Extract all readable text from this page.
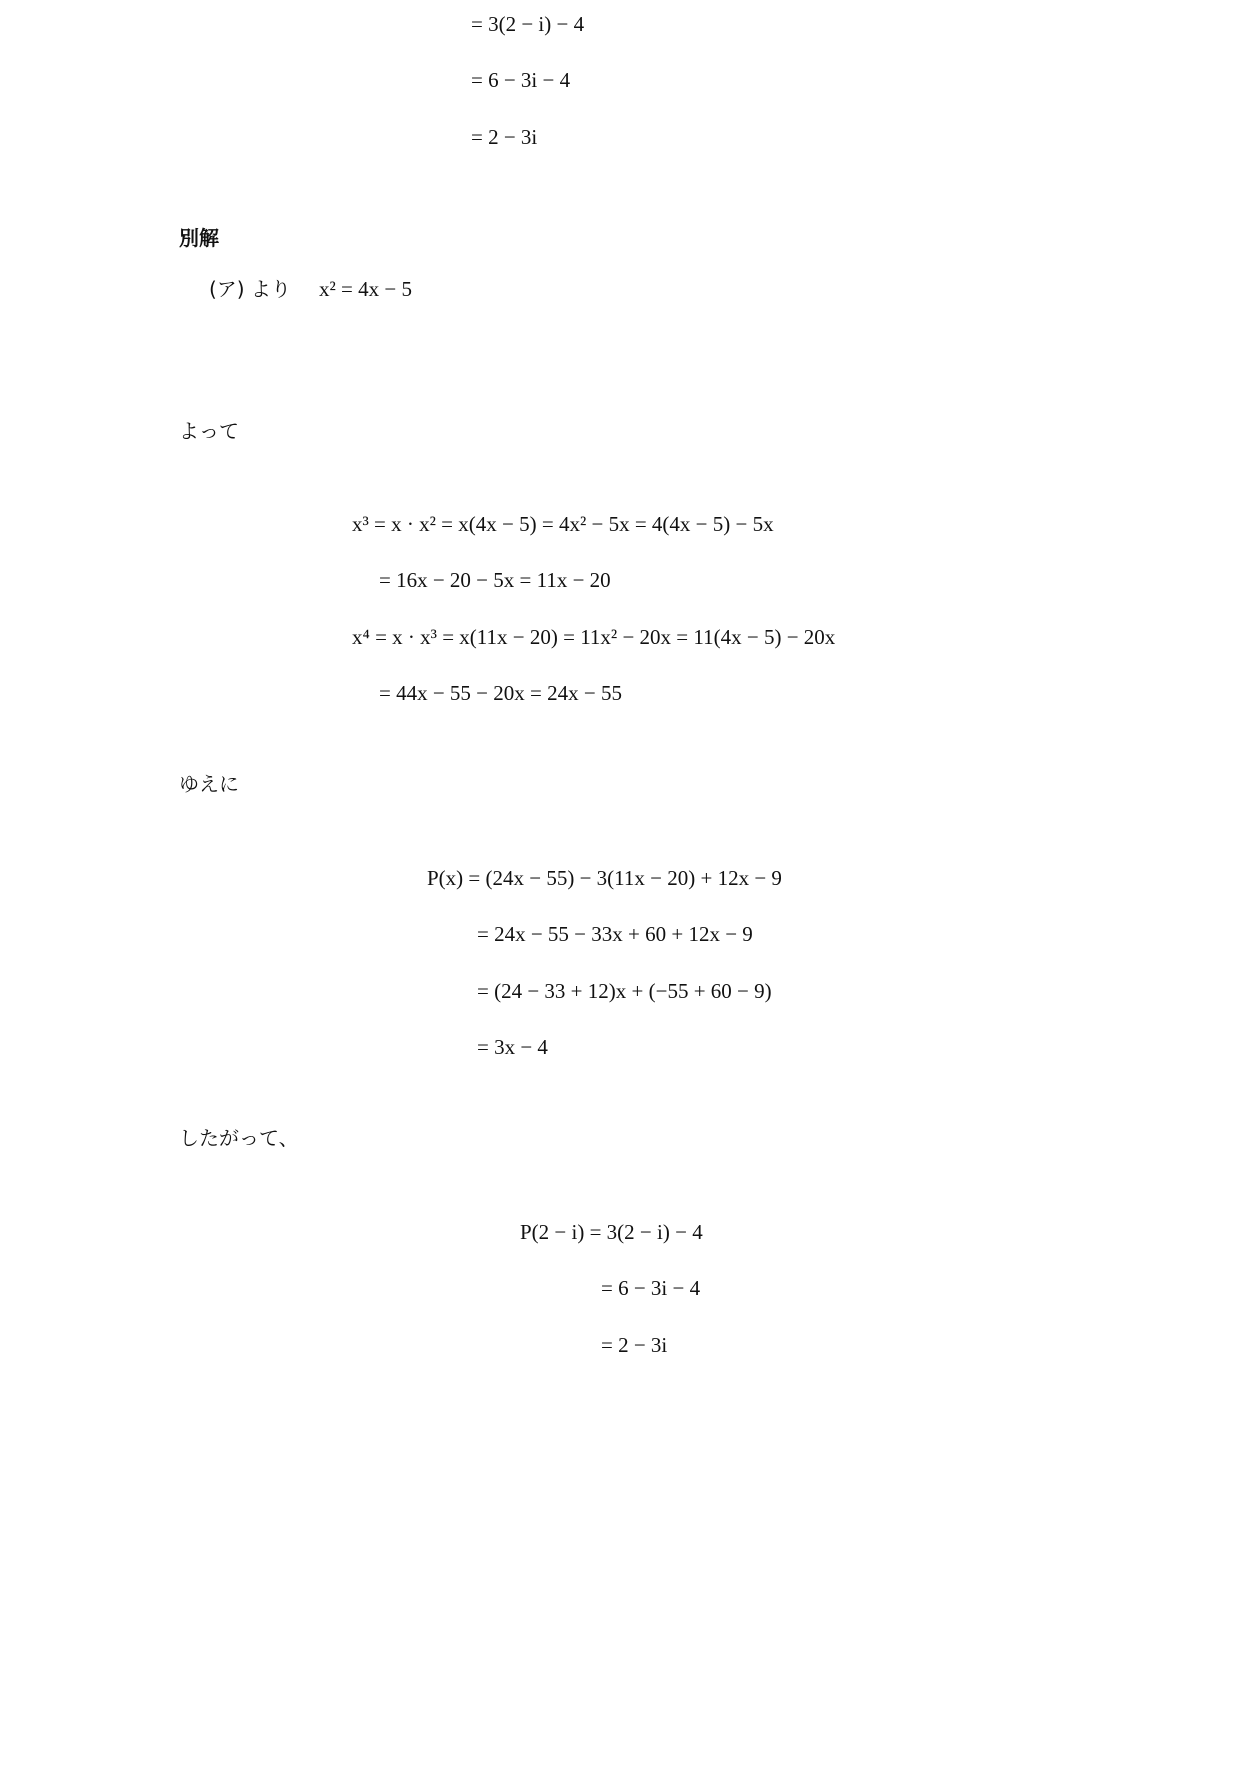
= 3(2 − i) − 4
= 6 − 3i − 4
= 2 − 3i
別解
(ア) より x² = 4x − 5
よって
x³ = x · x² = x(4x − 5) = 4x² − 5x = 4(4x − 5) − 5x
= 16x − 20 − 5x = 11x − 20
x⁴ = x · x³ = x(11x − 20) = 11x² − 20x = 11(4x − 5) − 20x
= 44x − 55 − 20x = 24x − 55
ゆえに
P(x) = (24x − 55) − 3(11x − 20) + 12x − 9
= 24x − 55 − 33x + 60 + 12x − 9
= (24 − 33 + 12)x + (−55 + 60 − 9)
= 3x − 4
したがって、
P(2 − i) = 3(2 − i) − 4
= 6 − 3i − 4
= 2 − 3i
